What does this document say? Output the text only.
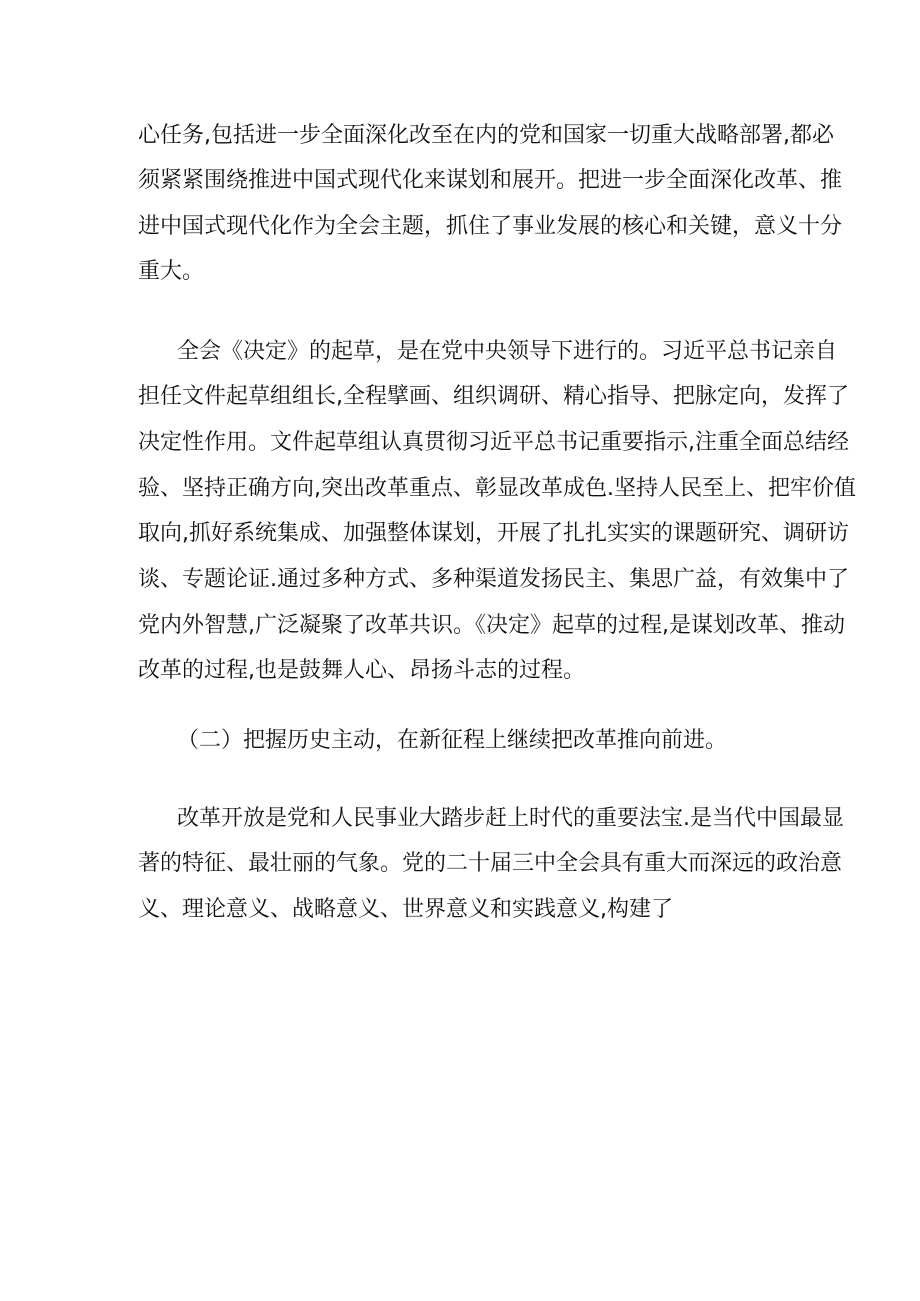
心任务,包括进一步全面深化改至在内的党和国家一切重大战略部署,都必
须紧紧围绕推进中国式现代化来谋划和展开。把进一步全面深化改革、推
进中国式现代化作为全会主题，抓住了事业发展的核心和关键，意义十分
重大。
全会《决定》的起草，是在党中央领导下进行的。习近平总书记亲自
担任文件起草组组长,全程擘画、组织调研、精心指导、把脉定向，发挥了
决定性作用。文件起草组认真贯彻习近平总书记重要指示,注重全面总结经
验、坚持正确方向,突出改革重点、彰显改革成色.坚持人民至上、把牢价值
取向,抓好系统集成、加强整体谋划，开展了扎扎实实的课题研究、调研访
谈、专题论证.通过多种方式、多种渠道发扬民主、集思广益，有效集中了
党内外智慧,广泛凝聚了改革共识。《决定》起草的过程,是谋划改革、推动
改革的过程,也是鼓舞人心、昂扬斗志的过程。
（二）把握历史主动，在新征程上继续把改革推向前进。
改革开放是党和人民事业大踏步赶上时代的重要法宝.是当代中国最显
著的特征、最壮丽的气象。党的二十届三中全会具有重大而深远的政治意
义、理论意义、战略意义、世界意义和实践意义,构建了
